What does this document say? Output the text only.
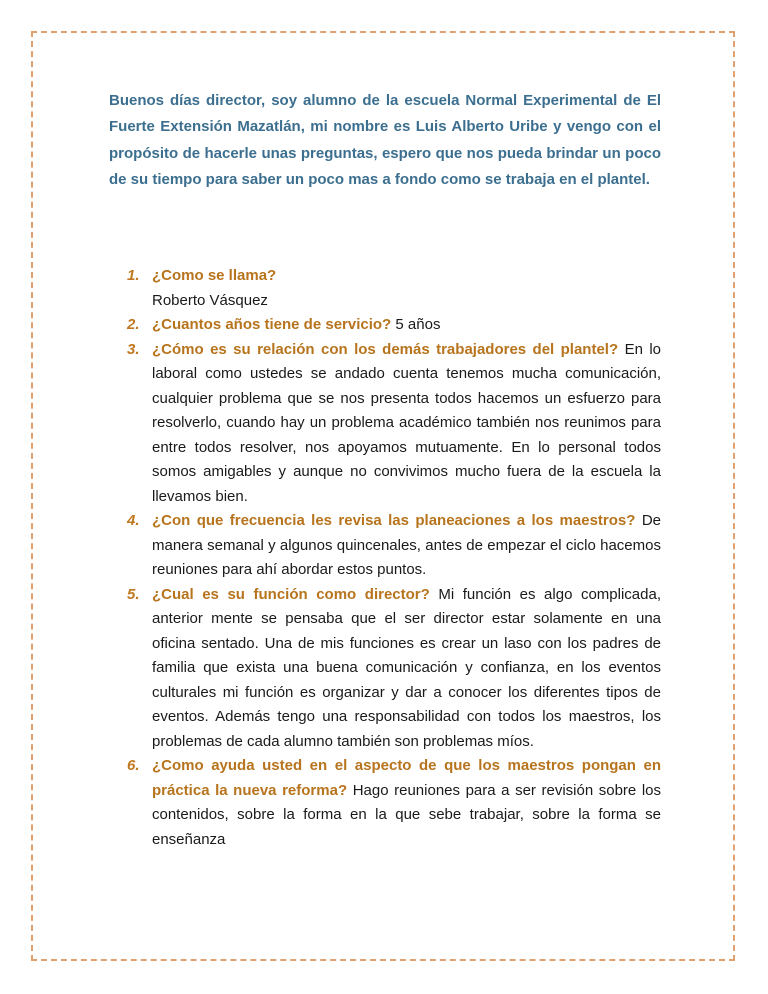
Buenos días director, soy alumno de la escuela Normal Experimental de El Fuerte Extensión Mazatlán, mi nombre es Luis Alberto Uribe y vengo con el propósito de hacerle unas preguntas, espero que nos pueda brindar un poco de su tiempo para saber un poco mas a fondo como se trabaja en el plantel.

1. ¿Como se llama?
Roberto Vásquez
2. ¿Cuantos años tiene de servicio? 5 años
3. ¿Cómo es su relación con los demás trabajadores del plantel? En lo laboral como ustedes se andado cuenta tenemos mucha comunicación, cualquier problema que se nos presenta todos hacemos un esfuerzo para resolverlo, cuando hay un problema académico también nos reunimos para entre todos resolver, nos apoyamos mutuamente. En lo personal todos somos amigables y aunque no convivimos mucho fuera de la escuela la llevamos bien.
4. ¿Con que frecuencia les revisa las planeaciones a los maestros? De manera semanal y algunos quincenales, antes de empezar el ciclo hacemos reuniones para ahí abordar estos puntos.
5. ¿Cual es su función como director? Mi función es algo complicada, anterior mente se pensaba que el ser director estar solamente en una oficina sentado. Una de mis funciones es crear un laso con los padres de familia que exista una buena comunicación y confianza, en los eventos culturales mi función es organizar y dar a conocer los diferentes tipos de eventos. Además tengo una responsabilidad con todos los maestros, los problemas de cada alumno también son problemas míos.
6. ¿Como ayuda usted en el aspecto de que los maestros pongan en práctica la nueva reforma? Hago reuniones para a ser revisión sobre los contenidos, sobre la forma en la que sebe trabajar, sobre la forma se enseñanza
